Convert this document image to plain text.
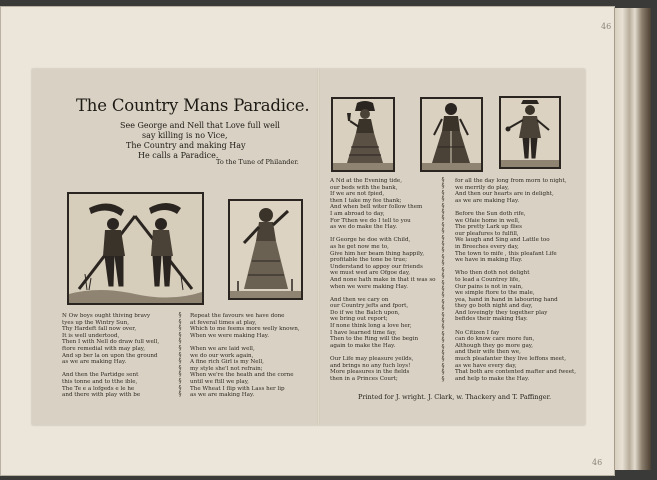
46
46
The Country Mans Paradice.
See George and Nell that Love full well
say killing is no Vice,
The Country and making Hay
He calls a Paradice.
To the Tune of Philander.
N Ow boys ought thiving bravy
tyes up the Wintry Sun,
Thy Hardeft fall now over,
It is well undertood,
Then I with Nell do draw full well,
ftore remedial with may play,
And sp ber la on upon the ground
as we are making Hay.
And then the Partidge sent
this tonne and to tthe ible,
The Te e a lofgeds e le he
and there with play with be
§
§
§
§
§
§
§
§
§
§
§
§
§
Repeat the favours we have done
at feveral times at play,
Which to me feems more welly known,
When we were making Hay.
When we are laid well,
we do our work again,
A fine rich Girl is my Nell,
my style she'l not refrain;
When we're the heath and the corne
until we ftill we play,
The Wheat I flip with Lass her lip
as we are making Hay.
A Nd at the Evening tide,
our beds with the bank,
If we are not fpied,
then I take my fee thank;
And when bell witer follow them
I am abroad to day,
For Tthen we do I tell to you
as we do make the Hay.
If George he doe with Child,
as he get now me to,
Give him her beam thing happily,
profitable the tone be true;
Understand to appoy our friends
we must wed are Ofgoe day,
And none hath make in that it was so
when we were making Hay.
And then we cary on
our Country jefts and fport,
Do if we the Balch upon,
we bring out report;
If none think long a love her,
I have learned time fay,
Then to the Ring will the begin
again to make the Hay.
Our Life may pleasure yeilds,
and brings no any fuch loys!
More pleasures in the fields
then in a Princes Court;
§
§
§
§
§
§
§
§
§
§
§
§
§
§
§
§
§
§
§
§
§
§
§
§
§
§
§
§
§
§
§
§
for all the day long from morn to night,
we merrily do play,
And then our hearts are in delight,
as we are making Hay.
Before the Sun doth rife,
we Ofaie home in well,
The pretty Lark up flies
our pleafures to fulfill,
We laugh and Sing and Lattle too
in Breeches every day,
The town to mife , this pleafant Life
we have in making Hay.
Who then doth not delight
to lead a Countrey life,
Our pains is not in vain,
we simple ftore to the male,
yea, hand in hand in labouring hand
they go both night and day,
And loveingly they together play
befides their making Hay.
No Citizen I fay
can do know care more fun,
Although they go more gay,
and their wife then we,
much pleafanter they live leffons meet,
as we have every day,
That both are contented mafter and fweet,
and help to make the Hay.
Printed for J. wright. J. Clark, w. Thackery and T. Paffinger.
